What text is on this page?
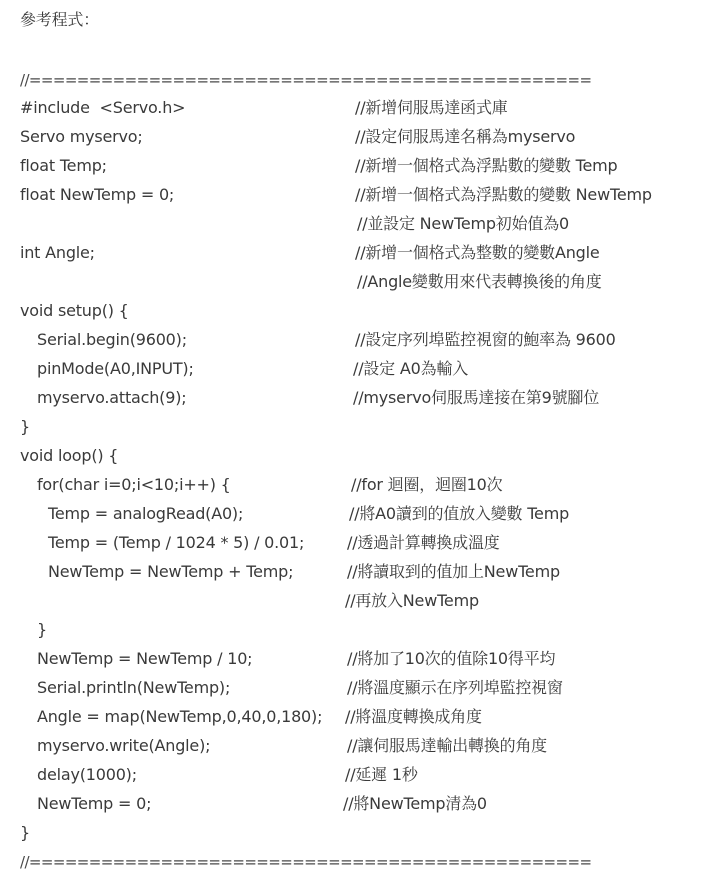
參考程式：
//===============================================
#include  <Servo.h>	//新增伺服馬達函式庫
Servo myservo;	//設定伺服馬達名稱為myservo
float Temp;	//新增一個格式為浮點數的變數 Temp
float NewTemp = 0;	//新增一個格式為浮點數的變數 NewTemp
//並設定 NewTemp初始值為0
int Angle;	//新增一個格式為整數的變數Angle
//Angle變數用來代表轉換後的角度
void setup() {
Serial.begin(9600);	//設定序列埠監控視窗的鮑率為 9600
pinMode(A0,INPUT);	//設定 A0為輸入
myservo.attach(9);	//myservo伺服馬達接在第9號腳位
}
void loop() {
for(char i=0;i<10;i++) {	//for 迴圈，迴圈10次
Temp = analogRead(A0);	//將A0讀到的值放入變數 Temp
Temp = (Temp / 1024 * 5) / 0.01;	//透過計算轉換成溫度
NewTemp = NewTemp + Temp;	//將讀取到的值加上NewTemp
//再放入NewTemp
}
NewTemp = NewTemp / 10;	//將加了10次的值除10得平均
Serial.println(NewTemp);	//將溫度顯示在序列埠監控視窗
Angle = map(NewTemp,0,40,0,180); //將溫度轉換成角度
myservo.write(Angle);	//讓伺服馬達輸出轉換的角度
delay(1000);	//延遲 1秒
NewTemp = 0;	//將NewTemp清為0
}
//===============================================
